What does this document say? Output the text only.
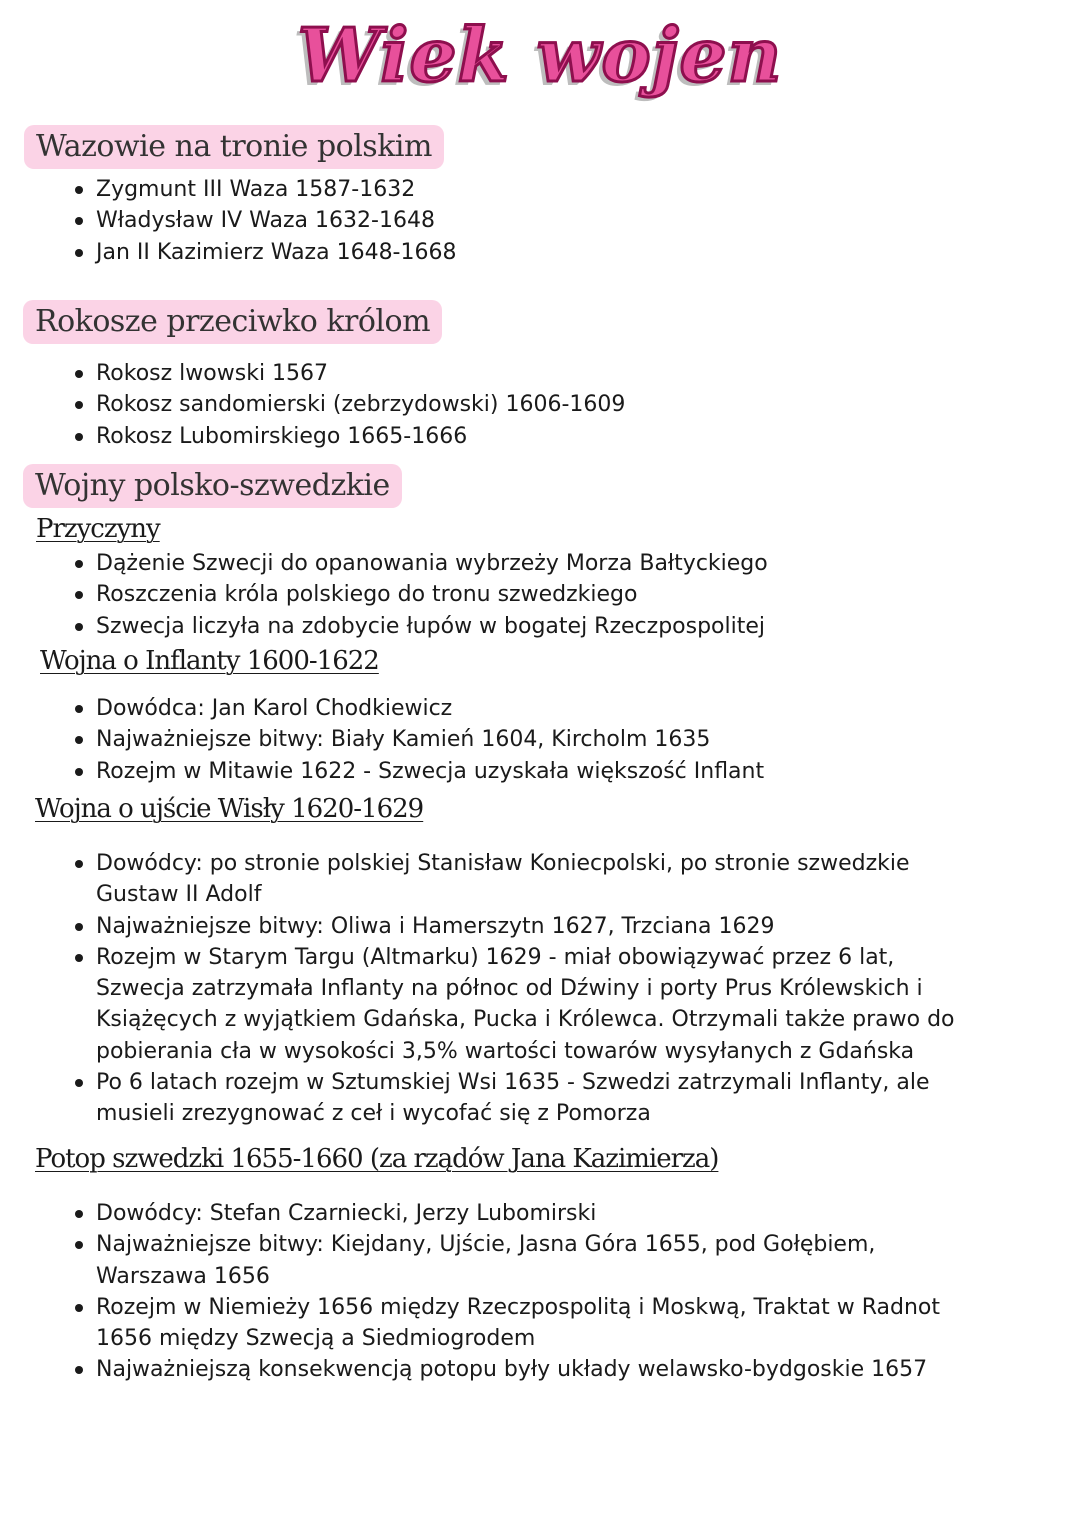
Wiek wojen
Wazowie na tronie polskim
Zygmunt III Waza 1587-1632
Władysław IV Waza 1632-1648
Jan II Kazimierz Waza 1648-1668
Rokosze przeciwko królom
Rokosz lwowski 1567
Rokosz sandomierski (zebrzydowski) 1606-1609
Rokosz Lubomirskiego 1665-1666
Wojny polsko-szwedzkie
Przyczyny
Dążenie Szwecji do opanowania wybrzeży Morza Bałtyckiego
Roszczenia króla polskiego do tronu szwedzkiego
Szwecja liczyła na zdobycie łupów w bogatej Rzeczpospolitej
Wojna o Inflanty 1600-1622
Dowódca: Jan Karol Chodkiewicz
Najważniejsze bitwy: Biały Kamień 1604, Kircholm 1635
Rozejm w Mitawie 1622 - Szwecja uzyskała większość Inflant
Wojna o ujście Wisły 1620-1629
Dowódcy: po stronie polskiej Stanisław Koniecpolski, po stronie szwedzkie Gustaw II Adolf
Najważniejsze bitwy: Oliwa i Hamerszytn 1627, Trzciana 1629
Rozejm w Starym Targu (Altmarku) 1629 - miał obowiązywać przez 6 lat, Szwecja zatrzymała Inflanty na północ od Dźwiny i porty Prus Królewskich i Książęcych z wyjątkiem Gdańska, Pucka i Królewca. Otrzymali także prawo do pobierania cła w wysokości 3,5% wartości towarów wysyłanych z Gdańska
Po 6 latach rozejm w Sztumskiej Wsi 1635 - Szwedzi zatrzymali Inflanty, ale musieli zrezygnować z ceł i wycofać się z Pomorza
Potop szwedzki 1655-1660 (za rządów Jana Kazimierza)
Dowódcy: Stefan Czarniecki, Jerzy Lubomirski
Najważniejsze bitwy: Kiejdany, Ujście, Jasna Góra 1655, pod Gołębiem, Warszawa 1656
Rozejm w Niemieży 1656 między Rzeczpospolitą i Moskwą, Traktat w Radnot 1656 między Szwecją a Siedmiogrodem
Najważniejszą konsekwencją potopu były układy welawsko-bydgoskie 1657
